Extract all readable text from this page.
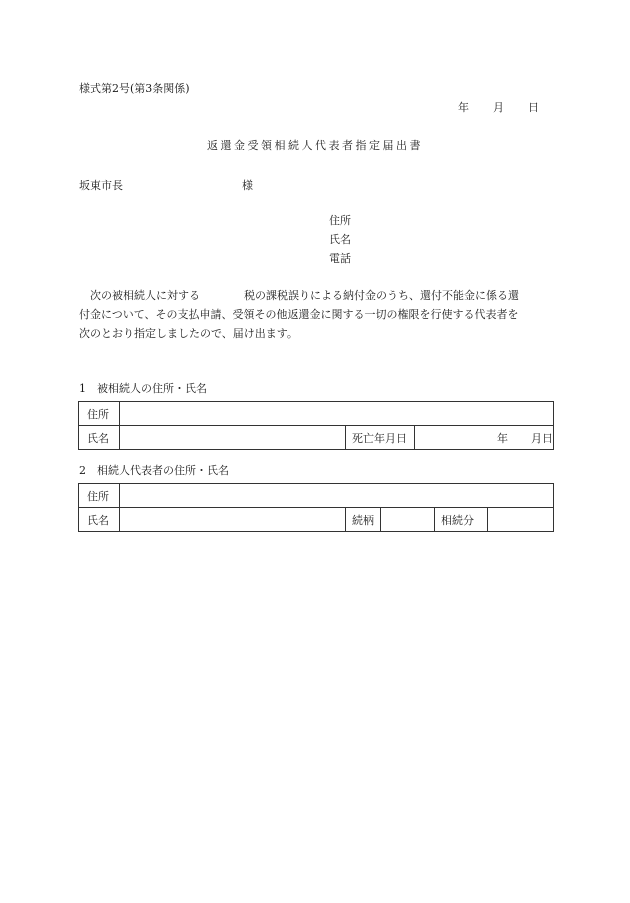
様式第2号(第3条関係)
年 月 日
返還金受領相続人代表者指定届出書
坂東市長	様
住所
氏名
電話
次の被相続人に対する　　　　税の課税誤りによる納付金のうち、還付不能金に係る還
付金について、その支払申請、受領その他返還金に関する一切の権限を行使する代表者を
次のとおり指定しましたので、届け出ます。
1　被相続人の住所・氏名
住所			
氏名		死亡年月日	年 月日
2　相続人代表者の住所・氏名
住所					
氏名		続柄		相続分	
